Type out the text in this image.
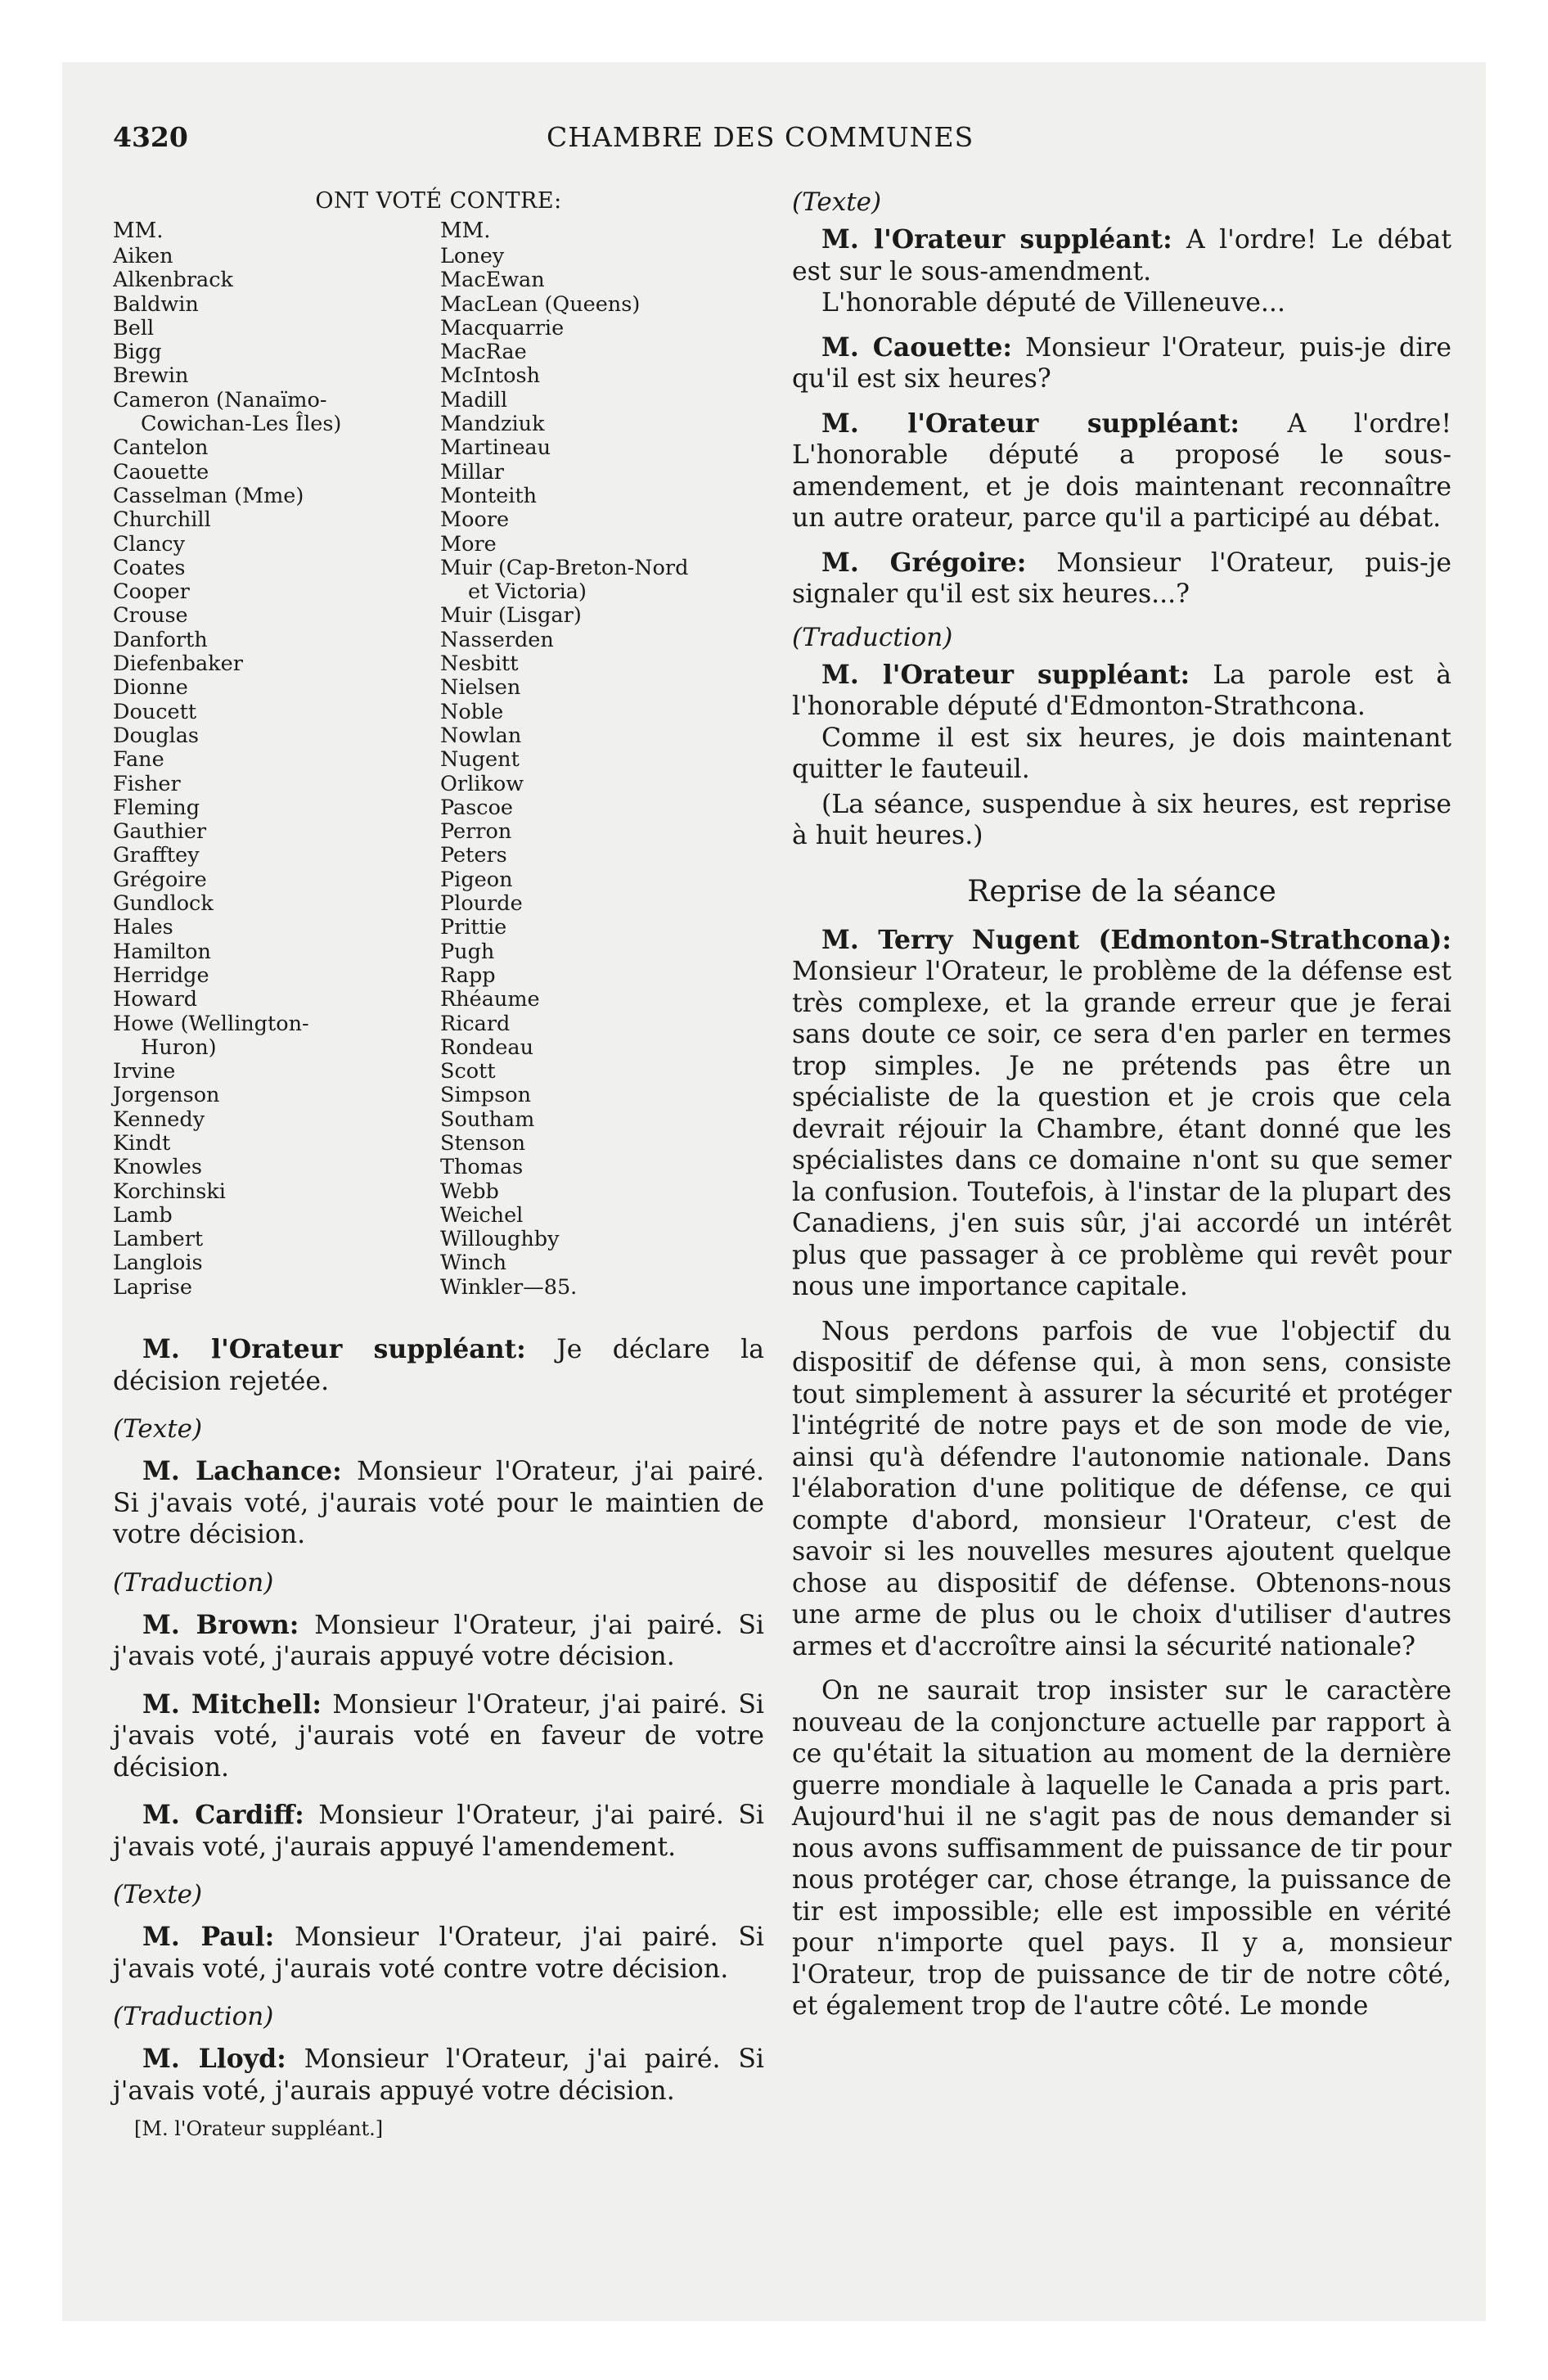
4320	CHAMBRE DES COMMUNES
ONT VOTÉ CONTRE:
MM.
Aiken
Alkenbrack
Baldwin
Bell
Bigg
Brewin
Cameron (Nanaïmo-
Cowichan-Les Îles)
Cantelon
Caouette
Casselman (Mme)
Churchill
Clancy
Coates
Cooper
Crouse
Danforth
Diefenbaker
Dionne
Doucett
Douglas
Fane
Fisher
Fleming
Gauthier
Grafftey
Grégoire
Gundlock
Hales
Hamilton
Herridge
Howard
Howe (Wellington-
Huron)
Irvine
Jorgenson
Kennedy
Kindt
Knowles
Korchinski
Lamb
Lambert
Langlois
Laprise
MM.
Loney
MacEwan
MacLean (Queens)
Macquarrie
MacRae
McIntosh
Madill
Mandziuk
Martineau
Millar
Monteith
Moore
More
Muir (Cap-Breton-Nord
et Victoria)
Muir (Lisgar)
Nasserden
Nesbitt
Nielsen
Noble
Nowlan
Nugent
Orlikow
Pascoe
Perron
Peters
Pigeon
Plourde
Prittie
Pugh
Rapp
Rhéaume
Ricard
Rondeau
Scott
Simpson
Southam
Stenson
Thomas
Webb
Weichel
Willoughby
Winch
Winkler—85.

M. l'Orateur suppléant: Je déclare la décision rejetée.

(Texte)

M. Lachance: Monsieur l'Orateur, j'ai pairé. Si j'avais voté, j'aurais voté pour le maintien de votre décision.

(Traduction)

M. Brown: Monsieur l'Orateur, j'ai pairé. Si j'avais voté, j'aurais appuyé votre décision.

M. Mitchell: Monsieur l'Orateur, j'ai pairé. Si j'avais voté, j'aurais voté en faveur de votre décision.

M. Cardiff: Monsieur l'Orateur, j'ai pairé. Si j'avais voté, j'aurais appuyé l'amendement.

(Texte)

M. Paul: Monsieur l'Orateur, j'ai pairé. Si j'avais voté, j'aurais voté contre votre décision.

(Traduction)

M. Lloyd: Monsieur l'Orateur, j'ai pairé. Si j'avais voté, j'aurais appuyé votre décision.

[M. l'Orateur suppléant.]
(Texte)

M. l'Orateur suppléant: A l'ordre! Le débat est sur le sous-amendment.

L'honorable député de Villeneuve...

M. Caouette: Monsieur l'Orateur, puis-je dire qu'il est six heures?

M. l'Orateur suppléant: A l'ordre! L'honorable député a proposé le sous-amendement, et je dois maintenant reconnaître un autre orateur, parce qu'il a participé au débat.

M. Grégoire: Monsieur l'Orateur, puis-je signaler qu'il est six heures...?

(Traduction)

M. l'Orateur suppléant: La parole est à l'honorable député d'Edmonton-Strathcona.

Comme il est six heures, je dois maintenant quitter le fauteuil.

(La séance, suspendue à six heures, est reprise à huit heures.)

Reprise de la séance

M. Terry Nugent (Edmonton-Strathcona): Monsieur l'Orateur, le problème de la défense est très complexe, et la grande erreur que je ferai sans doute ce soir, ce sera d'en parler en termes trop simples. Je ne prétends pas être un spécialiste de la question et je crois que cela devrait réjouir la Chambre, étant donné que les spécialistes dans ce domaine n'ont su que semer la confusion. Toutefois, à l'instar de la plupart des Canadiens, j'en suis sûr, j'ai accordé un intérêt plus que passager à ce problème qui revêt pour nous une importance capitale.

Nous perdons parfois de vue l'objectif du dispositif de défense qui, à mon sens, consiste tout simplement à assurer la sécurité et protéger l'intégrité de notre pays et de son mode de vie, ainsi qu'à défendre l'autonomie nationale. Dans l'élaboration d'une politique de défense, ce qui compte d'abord, monsieur l'Orateur, c'est de savoir si les nouvelles mesures ajoutent quelque chose au dispositif de défense. Obtenons-nous une arme de plus ou le choix d'utiliser d'autres armes et d'accroître ainsi la sécurité nationale?

On ne saurait trop insister sur le caractère nouveau de la conjoncture actuelle par rapport à ce qu'était la situation au moment de la dernière guerre mondiale à laquelle le Canada a pris part. Aujourd'hui il ne s'agit pas de nous demander si nous avons suffisamment de puissance de tir pour nous protéger car, chose étrange, la puissance de tir est impossible; elle est impossible en vérité pour n'importe quel pays. Il y a, monsieur l'Orateur, trop de puissance de tir de notre côté, et également trop de l'autre côté. Le monde
